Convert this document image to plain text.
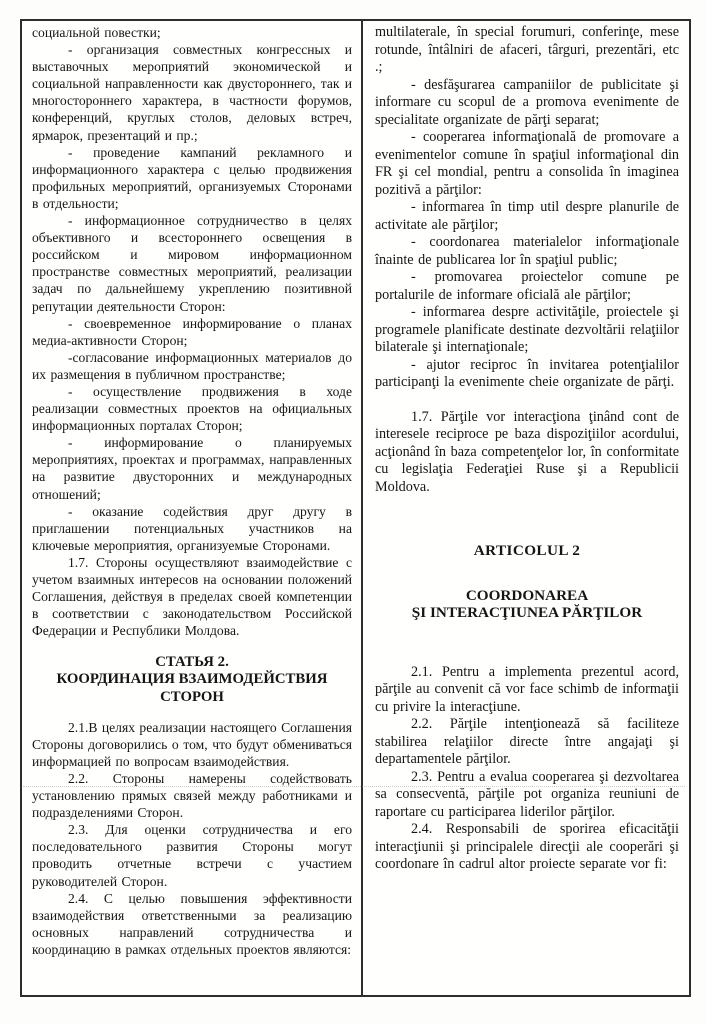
социальной повестки;

- организация совместных конгрессных и выставочных мероприятий экономической и социальной направленности как двустороннего, так и многостороннего характера, в частности форумов, конференций, круглых столов, деловых встреч, ярмарок, презентаций и пр.;

- проведение кампаний рекламного и информационного характера с целью продвижения профильных мероприятий, организуемых Сторонами в отдельности;

- информационное сотрудничество в целях объективного и всестороннего освещения в российском и мировом информационном пространстве совместных мероприятий, реализации задач по дальнейшему укреплению позитивной репутации деятельности Сторон:

- своевременное информирование о планах медиа-активности Сторон;

-согласование информационных материалов до их размещения в публичном пространстве;

- осуществление продвижения в ходе реализации совместных проектов на официальных информационных порталах Сторон;

- информирование о планируемых мероприятиях, проектах и программах, направленных на развитие двусторонних и международных отношений;

- оказание содействия друг другу в приглашении потенциальных участников на ключевые мероприятия, организуемые Сторонами.

1.7. Стороны осуществляют взаимодействие с учетом взаимных интересов на основании положений Соглашения, действуя в пределах своей компетенции в соответствии с законодательством Российской Федерации и Республики Молдова.

СТАТЬЯ 2.
КООРДИНАЦИЯ ВЗАИМОДЕЙСТВИЯ
СТОРОН

2.1.В целях реализации настоящего Соглашения Стороны договорились о том, что будут обмениваться информацией по вопросам взаимодействия.

2.2. Стороны намерены содействовать установлению прямых связей между работниками и подразделениями Сторон.

2.3. Для оценки сотрудничества и его последовательного развития Стороны могут проводить отчетные встречи с участием руководителей Сторон.

2.4. С целью повышения эффективности взаимодействия ответственными за реализацию основных направлений сотрудничества и координацию в рамках отдельных проектов являются:

multilaterale, în special forumuri, conferinţe, mese rotunde, întâlniri de afaceri, târguri, prezentări, etc .;

- desfăşurarea campaniilor de publicitate şi informare cu scopul de a promova evenimente de specialitate organizate de părţi separat;

- cooperarea informaţională de promovare a evenimentelor comune în spaţiul informaţional din FR şi cel mondial, pentru a consolida în imaginea pozitivă a părţilor:

- informarea în timp util despre planurile de activitate ale părţilor;

- coordonarea materialelor informaţionale înainte de publicarea lor în spaţiul public;

- promovarea proiectelor comune pe portalurile de informare oficială ale părţilor;

- informarea despre activităţile, proiectele şi programele planificate destinate dezvoltării relaţiilor bilaterale şi internaţionale;

- ajutor reciproc în invitarea potenţialilor participanţi la evenimente cheie organizate de părţi.

1.7. Părţile vor interacţiona ţinând cont de interesele reciproce pe baza dispoziţiilor acordului, acţionând în baza competenţelor lor, în conformitate cu legislaţia Federaţiei Ruse şi a Republicii Moldova.

ARTICOLUL 2
COORDONAREA
ŞI INTERACŢIUNEA PĂRŢILOR

2.1. Pentru a implementa prezentul acord, părţile au convenit că vor face schimb de informaţii cu privire la interacţiune.

2.2. Părţile intenţionează să faciliteze stabilirea relaţiilor directe între angajaţi şi departamentele părţilor.

2.3. Pentru a evalua cooperarea şi dezvoltarea sa consecventă, părţile pot organiza reuniuni de raportare cu participarea liderilor părţilor.

2.4. Responsabili de sporirea eficacităţii interacţiunii şi principalele direcţii ale cooperări şi coordonare în cadrul altor proiecte separate vor fi:
